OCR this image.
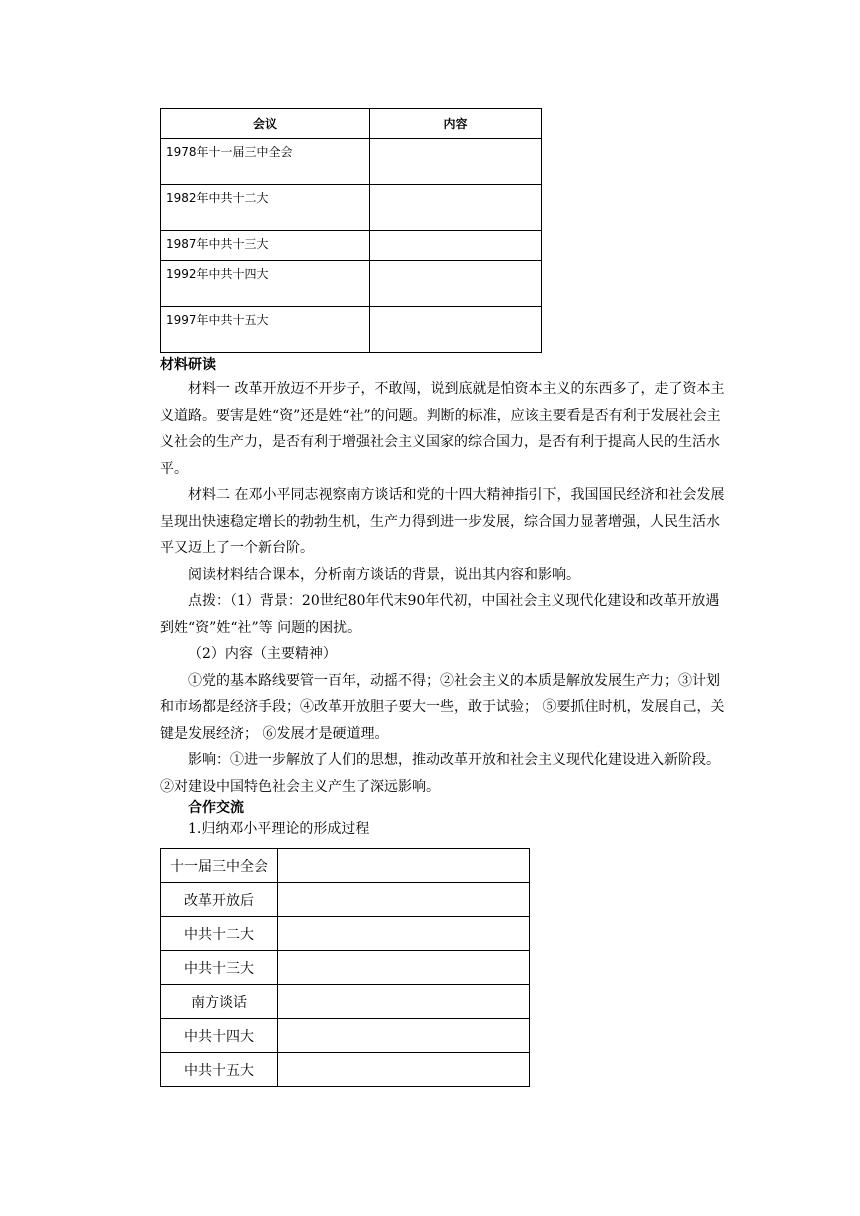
会议	内容
1978年十一届三中全会	
1982年中共十二大	
1987年中共十三大	
1992年中共十四大	
1997年中共十五大	
材料研读

材料一 改革开放迈不开步子，不敢闯，说到底就是怕资本主义的东西多了，走了资本主义道路。要害是姓“资”还是姓“社”的问题。判断的标准，应该主要看是否有利于发展社会主义社会的生产力，是否有利于增强社会主义国家的综合国力，是否有利于提高人民的生活水平。

材料二 在邓小平同志视察南方谈话和党的十四大精神指引下，我国国民经济和社会发展呈现出快速稳定增长的勃勃生机，生产力得到进一步发展，综合国力显著增强，人民生活水平又迈上了一个新台阶。

阅读材料结合课本，分析南方谈话的背景，说出其内容和影响。

点拨：（1）背景：20世纪80年代末90年代初，中国社会主义现代化建设和改革开放遇到姓“资”姓“社”等 问题的困扰。

（2）内容（主要精神）

①党的基本路线要管一百年，动摇不得；②社会主义的本质是解放发展生产力；③计划和市场都是经济手段；④改革开放胆子要大一些，敢于试验； ⑤要抓住时机，发展自己，关键是发展经济； ⑥发展才是硬道理。

影响：①进一步解放了人们的思想，推动改革开放和社会主义现代化建设进入新阶段。②对建设中国特色社会主义产生了深远影响。

合作交流
1.归纳邓小平理论的形成过程
十一届三中全会	
改革开放后	
中共十二大	
中共十三大	
南方谈话	
中共十四大	
中共十五大	
